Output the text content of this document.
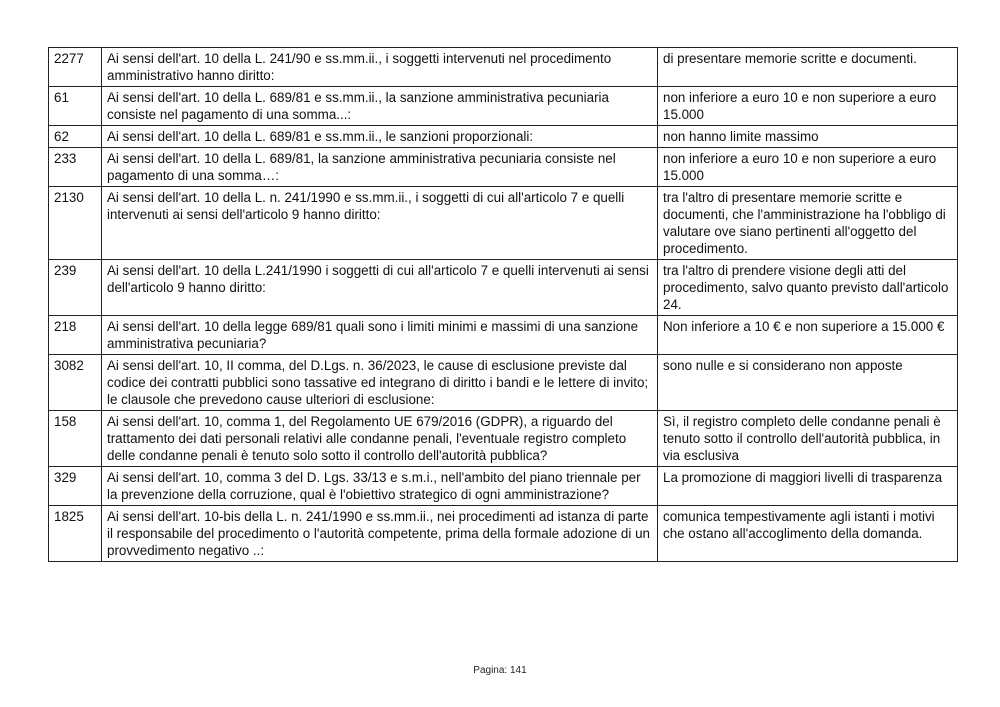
2277	Ai sensi dell'art. 10 della L. 241/90 e ss.mm.ii., i soggetti intervenuti nel procedimento amministrativo hanno diritto:	di presentare memorie scritte e documenti.
61	Ai sensi dell'art. 10 della L. 689/81 e ss.mm.ii., la sanzione amministrativa pecuniaria consiste nel pagamento di una somma...:	non inferiore a euro 10 e non superiore a euro 15.000
62	Ai sensi dell'art. 10 della L. 689/81 e ss.mm.ii., le sanzioni proporzionali:	non hanno limite massimo
233	Ai sensi dell'art. 10 della L. 689/81, la sanzione amministrativa pecuniaria consiste nel pagamento di una somma…:	non inferiore a euro 10 e non superiore a euro 15.000
2130	Ai sensi dell'art. 10 della L. n. 241/1990 e ss.mm.ii., i soggetti di cui all'articolo 7 e quelli intervenuti ai sensi dell'articolo 9 hanno diritto:	tra l'altro di presentare memorie scritte e documenti, che l'amministrazione ha l'obbligo di valutare ove siano pertinenti all'oggetto del procedimento.
239	Ai sensi dell'art. 10 della L.241/1990 i soggetti di cui all'articolo 7 e quelli intervenuti ai sensi dell'articolo 9 hanno diritto:	tra l'altro di prendere visione degli atti del procedimento, salvo quanto previsto dall'articolo 24.
218	Ai sensi dell'art. 10 della legge 689/81 quali sono i limiti minimi e massimi di una sanzione amministrativa pecuniaria?	Non inferiore a 10 € e non superiore a 15.000 €
3082	Ai sensi dell'art. 10, II comma, del D.Lgs. n. 36/2023, le cause di esclusione previste dal codice dei contratti pubblici sono tassative ed integrano di diritto i bandi e le lettere di invito; le clausole che prevedono cause ulteriori di esclusione:	sono nulle e si considerano non apposte
158	Ai sensi dell'art. 10, comma 1, del Regolamento UE 679/2016 (GDPR), a riguardo del trattamento dei dati personali relativi alle condanne penali, l'eventuale registro completo delle condanne penali è tenuto solo sotto il controllo dell'autorità pubblica?	Sì, il registro completo delle condanne penali è tenuto sotto il controllo dell'autorità pubblica, in via esclusiva
329	Ai sensi dell'art. 10, comma 3 del D. Lgs. 33/13 e s.m.i., nell'ambito del piano triennale per la prevenzione della corruzione, qual è l'obiettivo strategico di ogni amministrazione?	La promozione di maggiori livelli di trasparenza
1825	Ai sensi dell'art. 10-bis della L. n. 241/1990 e ss.mm.ii., nei procedimenti ad istanza di parte il responsabile del procedimento o l'autorità competente, prima della formale adozione di un provvedimento negativo ..:	comunica tempestivamente agli istanti i motivi che ostano all'accoglimento della domanda.
Pagina: 141
